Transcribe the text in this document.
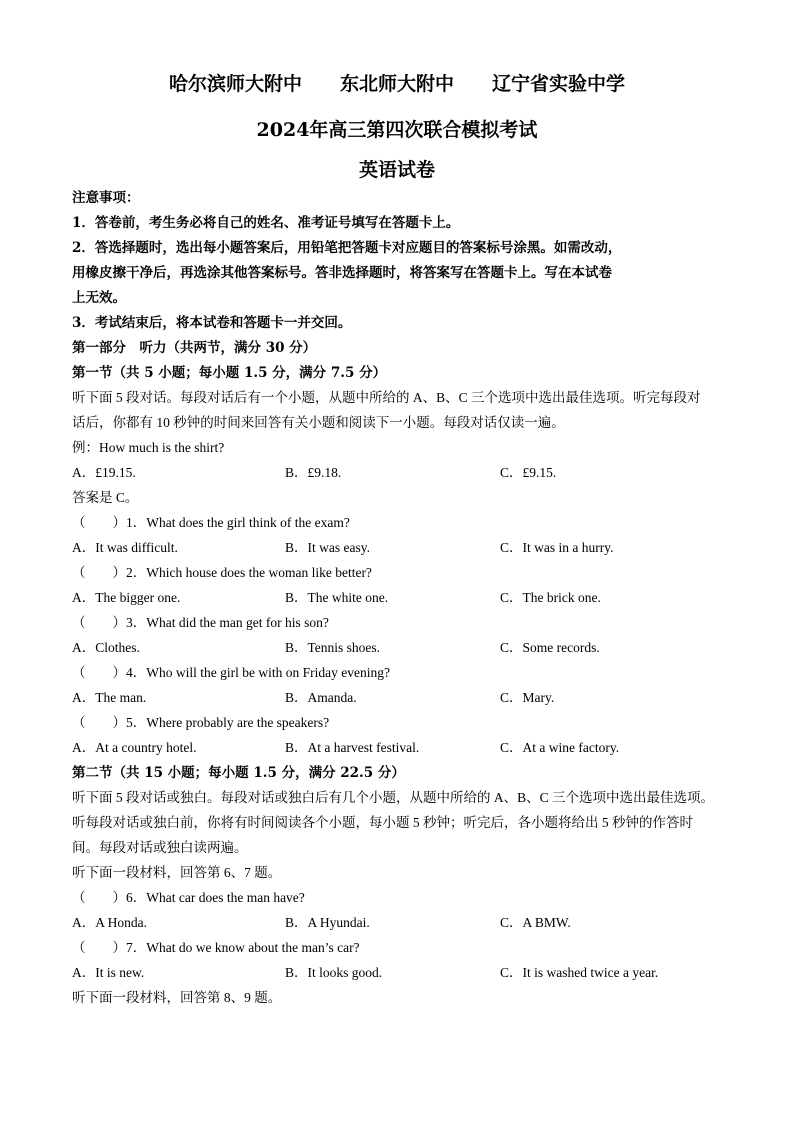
哈尔滨师大附中　　东北师大附中　　辽宁省实验中学
2024年高三第四次联合模拟考试
英语试卷
注意事项：
1．答卷前，考生务必将自己的姓名、准考证号填写在答题卡上。
2．答选择题时，选出每小题答案后，用铅笔把答题卡对应题目的答案标号涂黑。如需改动，
用橡皮擦干净后，再选涂其他答案标号。答非选择题时，将答案写在答题卡上。写在本试卷
上无效。
3．考试结束后，将本试卷和答题卡一并交回。
第一部分　听力（共两节，满分 30 分）
第一节（共 5 小题；每小题 1.5 分，满分 7.5 分）
听下面 5 段对话。每段对话后有一个小题，从题中所给的 A、B、C 三个选项中选出最佳选项。听完每段对
话后，你都有 10 秒钟的时间来回答有关小题和阅读下一小题。每段对话仅读一遍。
例：How much is the shirt?
A．£19.15.	B．£9.18.	C．£9.15.
答案是 C。
（　　）1．What does the girl think of the exam?
A．It was difficult.	B．It was easy.	C．It was in a hurry.
（　　）2．Which house does the woman like better?
A．The bigger one.	B．The white one.	C．The brick one.
（　　）3．What did the man get for his son?
A．Clothes.	B．Tennis shoes.	C．Some records.
（　　）4．Who will the girl be with on Friday evening?
A．The man.	B．Amanda.	C．Mary.
（　　）5．Where probably are the speakers?
A．At a country hotel.	B．At a harvest festival.	C．At a wine factory.
第二节（共 15 小题；每小题 1.5 分，满分 22.5 分）
听下面 5 段对话或独白。每段对话或独白后有几个小题，从题中所给的 A、B、C 三个选项中选出最佳选项。
听每段对话或独白前，你将有时间阅读各个小题，每小题 5 秒钟；听完后，各小题将给出 5 秒钟的作答时
间。每段对话或独白读两遍。
听下面一段材料，回答第 6、7 题。
（　　）6．What car does the man have?
A．A Honda.	B．A Hyundai.	C．A BMW.
（　　）7．What do we know about the man’s car?
A．It is new.	B．It looks good.	C．It is washed twice a year.
听下面一段材料，回答第 8、9 题。
